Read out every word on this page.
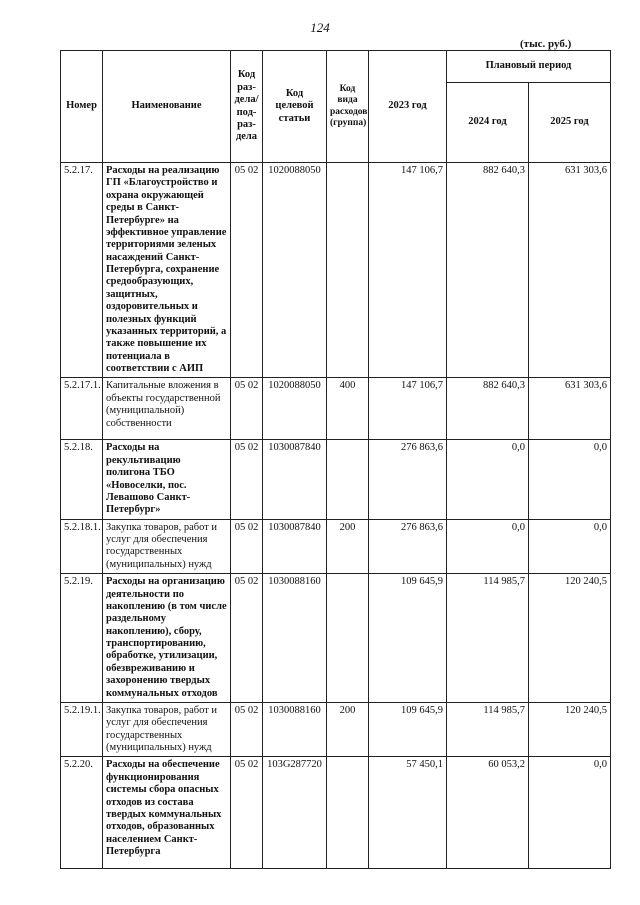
124
(тыс. руб.)
Номер	Наименование	Код раз-дела/ под-раз-дела	Код целевой статьи	Код вида расходов (группа)	2023 год	Плановый период	
						2024 год	2025 год
5.2.17.	Расходы на реализацию ГП «Благоустройство и охрана окружающей среды в Санкт-Петербурге» на эффективное управление территориями зеленых насаждений Санкт-Петербурга, сохранение средообразующих, защитных, оздоровительных и полезных функций указанных территорий, а также повышение их потенциала в соответствии с АИП	05 02	1020088050		147 106,7	882 640,3	631 303,6
5.2.17.1.	Капитальные вложения в объекты государственной (муниципальной) собственности	05 02	1020088050	400	147 106,7	882 640,3	631 303,6
5.2.18.	Расходы на рекультивацию полигона ТБО «Новоселки, пос. Левашово Санкт-Петербург»	05 02	1030087840		276 863,6	0,0	0,0
5.2.18.1.	Закупка товаров, работ и услуг для обеспечения государственных (муниципальных) нужд	05 02	1030087840	200	276 863,6	0,0	0,0
5.2.19.	Расходы на организацию деятельности по накоплению (в том числе раздельному накоплению), сбору, транспортированию, обработке, утилизации, обезвреживанию и захоронению твердых коммунальных отходов	05 02	1030088160		109 645,9	114 985,7	120 240,5
5.2.19.1.	Закупка товаров, работ и услуг для обеспечения государственных (муниципальных) нужд	05 02	1030088160	200	109 645,9	114 985,7	120 240,5
5.2.20.	Расходы на обеспечение функционирования системы сбора опасных отходов из состава твердых коммунальных отходов, образованных населением Санкт-Петербурга	05 02	103G287720		57 450,1	60 053,2	0,0
